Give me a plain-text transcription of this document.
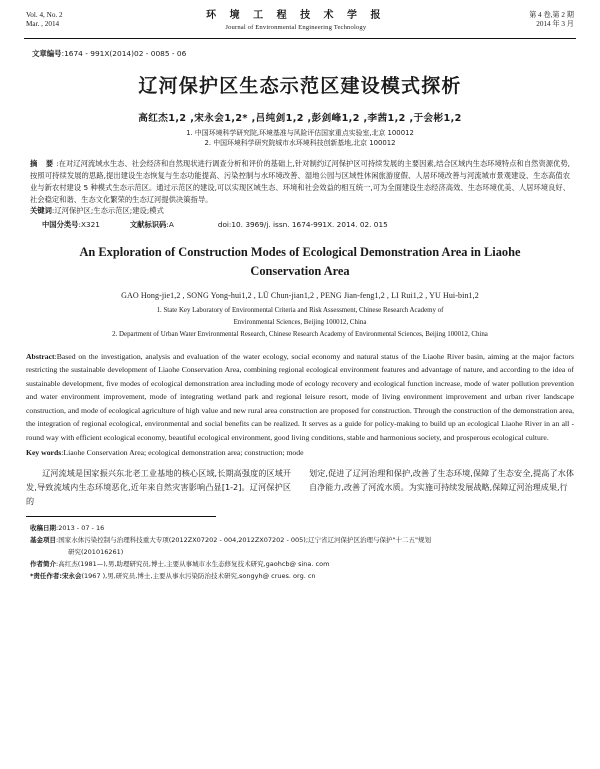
Vol. 4, No. 2
Mar. , 2014
环 境 工 程 技 术 学 报
Journal of Environmental Engineering Technology
第 4 卷,第 2 期
2014 年 3 月
文章编号:1674 - 991X(2014)02 - 0085 - 06
辽河保护区生态示范区建设模式探析
高红杰1,2 ,宋永会1,2* ,吕纯剑1,2 ,彭剑峰1,2 ,李茜1,2 ,于会彬1,2
1. 中国环境科学研究院,环境基准与风险评估国家重点实验室,北京 100012
2. 中国环境科学研究院城市水环境科技创新基地,北京 100012
摘 要:在对辽河流域水生态、社会经济和自然现状进行调查分析和评价的基础上,针对制约辽河保护区可持续发展的主要因素,结合区域内生态环境特点和自然资源优势,按照可持续发展的思路,提出建设生态恢复与生态功能提高、污染控制与水环境改善、湿地公园与区域性休闲旅游度假、人居环境改善与河流城市景观建设、生态高值农业与新农村建设 5 种模式生态示范区。通过示范区的建设,可以实现区域生态、环境和社会效益的相互统一,可为全面建设生态经济高效、生态环境优美、人居环境良好、社会稳定和谐、生态文化繁荣的生态辽河提供决策指导。
关键词:辽河保护区;生态示范区;建设;模式
中国分类号:X321	文献标识码:A	doi:10. 3969/j. issn. 1674-991X. 2014. 02. 015
An Exploration of Construction Modes of Ecological Demonstration Area in Liaohe Conservation Area
GAO Hong-jie1,2 , SONG Yong-hui1,2 , LÜ Chun-jian1,2 , PENG Jian-feng1,2 , LI Rui1,2 , YU Hui-bin1,2
1. State Key Laboratory of Environmental Criteria and Risk Assessment, Chinese Research Academy of
Environmental Sciences, Beijing 100012, China
2. Department of Urban Water Environmental Research, Chinese Research Academy of Environmental Sciences, Beijing 100012, China
Abstract:Based on the investigation, analysis and evaluation of the water ecology, social economy and natural status of the Liaohe River basin, aiming at the major factors restricting the sustainable development of Liaohe Conservation Area, combining regional ecological environment features and advantage of nature, and according to the idea of sustainable development, five modes of ecological demonstration area including mode of ecology recovery and ecological function increase, mode of water pollution prevention and water environment improvement, mode of integrating wetland park and regional leisure resort, mode of living environment improvement and urban river landscape construction, and mode of ecological agriculture of high value and new rural area construction are proposed for construction. Through the construction of the demonstration area, the integration of regional ecological, environmental and social benefits can be realized. It serves as a guide for policy-making to build up an ecological Liaohe River in an all - round way with efficient ecological economy, beautiful ecological environment, good living conditions, stable and harmonious society, and prosperous ecological culture.
Key words:Liaohe Conservation Area; ecological demonstration area; construction; mode

辽河流域是国家振兴东北老工业基地的核心区域,长期高强度的区域开发,导致流域内生态环境恶化,近年来自然灾害影响凸显[1-2]。辽河保护区的

划定,促进了辽河治理和保护,改善了生态环境,保障了生态安全,提高了水体自净能力,改善了河流水质。为实施可持续发展战略,保障辽河治理成果,行

收稿日期:2013 - 07 - 16
基金项目:国家水体污染控制与治理科技重大专项(2012ZX07202 - 004,2012ZX07202 - 005);辽宁省辽河保护区治理与保护"十二五"规划
研究(201016261)
作者简介:高红杰(1981—),男,助理研究员,博士,主要从事城市水生态修复技术研究,gaohcb@ sina. com
*责任作者:宋永会(1967 ),男,研究员,博士,主要从事水污染防治技术研究,songyh@ crues. org. cn
